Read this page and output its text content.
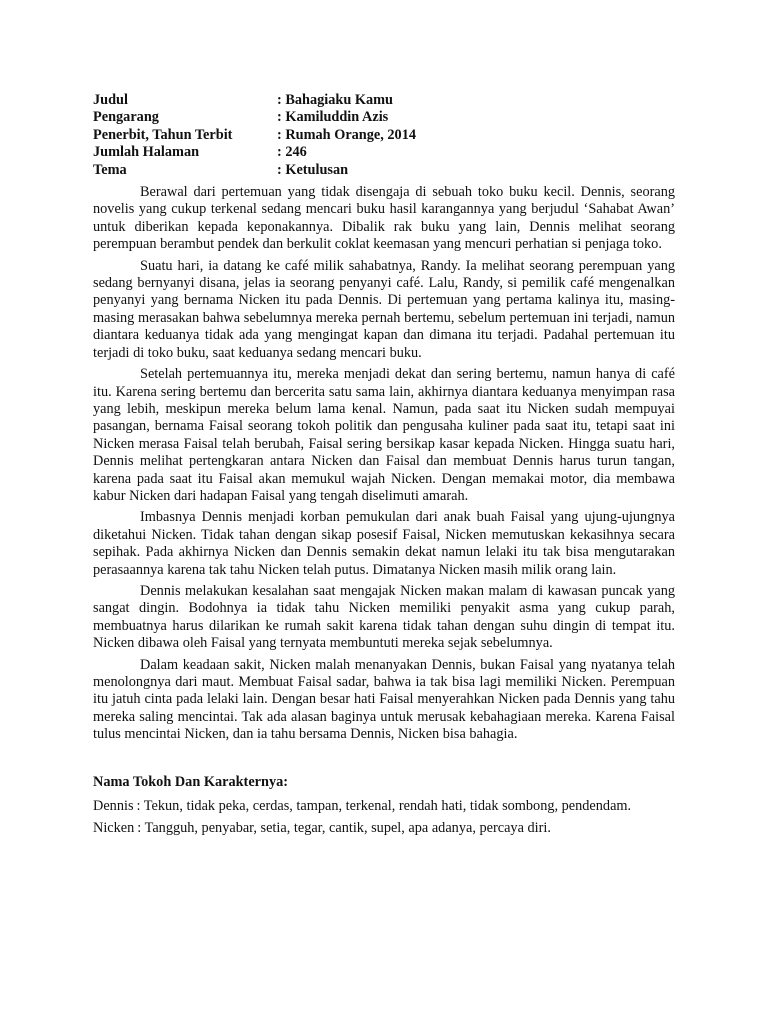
Judul	: Bahagiaku Kamu
Pengarang	: Kamiluddin Azis
Penerbit, Tahun Terbit	: Rumah Orange, 2014
Jumlah Halaman	: 246
Tema	: Ketulusan

Berawal dari pertemuan yang tidak disengaja di sebuah toko buku kecil. Dennis, seorang novelis yang cukup terkenal sedang mencari buku hasil karangannya yang berjudul ‘Sahabat Awan’ untuk diberikan kepada keponakannya. Dibalik rak buku yang lain, Dennis melihat seorang perempuan berambut pendek dan berkulit coklat keemasan yang mencuri perhatian si penjaga toko.

Suatu hari, ia datang ke café milik sahabatnya, Randy. Ia melihat seorang perempuan yang sedang bernyanyi disana, jelas ia seorang penyanyi café. Lalu, Randy, si pemilik café mengenalkan penyanyi yang bernama Nicken itu pada Dennis. Di pertemuan yang pertama kalinya itu, masing-masing merasakan bahwa sebelumnya mereka pernah bertemu, sebelum pertemuan ini terjadi, namun diantara keduanya tidak ada yang mengingat kapan dan dimana itu terjadi. Padahal pertemuan itu terjadi di toko buku, saat keduanya sedang mencari buku.

Setelah pertemuannya itu, mereka menjadi dekat dan sering bertemu, namun hanya di café itu. Karena sering bertemu dan bercerita satu sama lain, akhirnya diantara keduanya menyimpan rasa yang lebih, meskipun mereka belum lama kenal. Namun, pada saat itu Nicken sudah mempuyai pasangan, bernama Faisal seorang tokoh politik dan pengusaha kuliner pada saat itu, tetapi saat ini Nicken merasa Faisal telah berubah, Faisal sering bersikap kasar kepada Nicken. Hingga suatu hari, Dennis melihat pertengkaran antara Nicken dan Faisal dan membuat Dennis harus turun tangan, karena pada saat itu Faisal akan memukul wajah Nicken. Dengan memakai motor, dia membawa kabur Nicken dari hadapan Faisal yang tengah diselimuti amarah.

Imbasnya Dennis menjadi korban pemukulan dari anak buah Faisal yang ujung-ujungnya diketahui Nicken. Tidak tahan dengan sikap posesif Faisal, Nicken memutuskan kekasihnya secara sepihak. Pada akhirnya Nicken dan Dennis semakin dekat namun lelaki itu tak bisa mengutarakan perasaannya karena tak tahu Nicken telah putus. Dimatanya Nicken masih milik orang lain.

Dennis melakukan kesalahan saat mengajak Nicken makan malam di kawasan puncak yang sangat dingin. Bodohnya ia tidak tahu Nicken memiliki penyakit asma yang cukup parah, membuatnya harus dilarikan ke rumah sakit karena tidak tahan dengan suhu dingin di tempat itu. Nicken dibawa oleh Faisal yang ternyata membuntuti mereka sejak sebelumnya.

Dalam keadaan sakit, Nicken malah menanyakan Dennis, bukan Faisal yang nyatanya telah menolongnya dari maut. Membuat Faisal sadar, bahwa ia tak bisa lagi memiliki Nicken. Perempuan itu jatuh cinta pada lelaki lain. Dengan besar hati Faisal menyerahkan Nicken pada Dennis yang tahu mereka saling mencintai. Tak ada alasan baginya untuk merusak kebahagiaan mereka. Karena Faisal tulus mencintai Nicken, dan ia tahu bersama Dennis, Nicken bisa bahagia.

Nama Tokoh Dan Karakternya:
Dennis : Tekun, tidak peka, cerdas, tampan, terkenal, rendah hati, tidak sombong, pendendam.
Nicken : Tangguh, penyabar, setia, tegar, cantik, supel, apa adanya, percaya diri.
